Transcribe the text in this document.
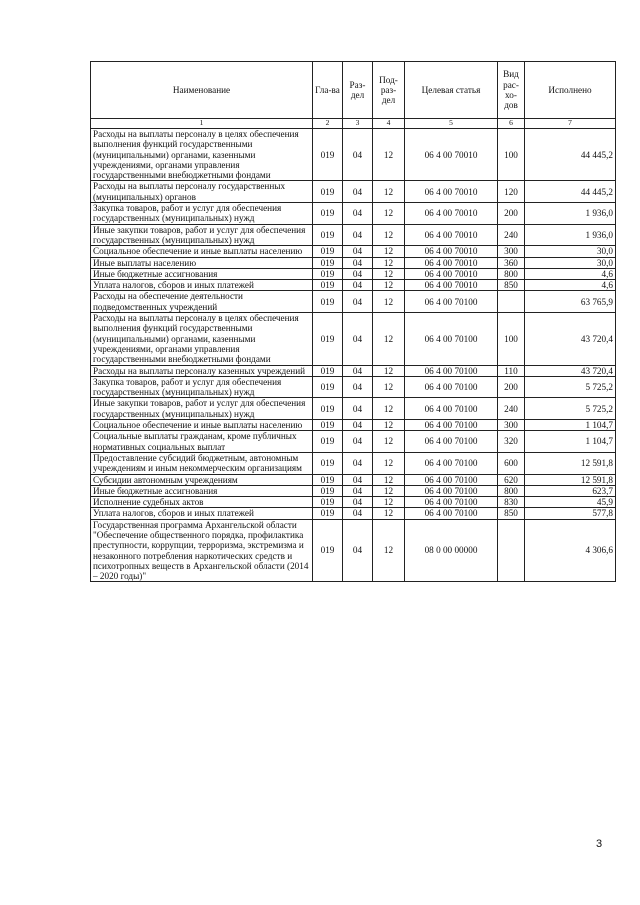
Наименование	Гла-ва	Раз-дел	Под-раз-дел	Целевая статья	Вид рас-хо-дов	Исполнено
1	2	3	4	5	6	7
Расходы на выплаты персоналу в целях обеспечения выполнения функций государственными (муниципальными) органами, казенными учреждениями, органами управления государственными внебюджетными фондами	019	04	12	06 4 00 70010	100	44 445,2
Расходы на выплаты персоналу государственных (муниципальных) органов	019	04	12	06 4 00 70010	120	44 445,2
Закупка товаров, работ и услуг для обеспечения государственных (муниципальных) нужд	019	04	12	06 4 00 70010	200	1 936,0
Иные закупки товаров, работ и услуг для обеспечения государственных (муниципальных) нужд	019	04	12	06 4 00 70010	240	1 936,0
Социальное обеспечение и иные выплаты населению	019	04	12	06 4 00 70010	300	30,0
Иные выплаты населению	019	04	12	06 4 00 70010	360	30,0
Иные бюджетные ассигнования	019	04	12	06 4 00 70010	800	4,6
Уплата налогов, сборов и иных платежей	019	04	12	06 4 00 70010	850	4,6
Расходы на обеспечение деятельности подведомственных учреждений	019	04	12	06 4 00 70100		63 765,9
Расходы на выплаты персоналу в целях обеспечения выполнения функций государственными (муниципальными) органами, казенными учреждениями, органами управления государственными внебюджетными фондами	019	04	12	06 4 00 70100	100	43 720,4
Расходы на выплаты персоналу казенных учреждений	019	04	12	06 4 00 70100	110	43 720,4
Закупка товаров, работ и услуг для обеспечения государственных (муниципальных) нужд	019	04	12	06 4 00 70100	200	5 725,2
Иные закупки товаров, работ и услуг для обеспечения государственных (муниципальных) нужд	019	04	12	06 4 00 70100	240	5 725,2
Социальное обеспечение и иные выплаты населению	019	04	12	06 4 00 70100	300	1 104,7
Социальные выплаты гражданам, кроме публичных нормативных социальных выплат	019	04	12	06 4 00 70100	320	1 104,7
Предоставление субсидий бюджетным, автономным учреждениям и иным некоммерческим организациям	019	04	12	06 4 00 70100	600	12 591,8
Субсидии автономным учреждениям	019	04	12	06 4 00 70100	620	12 591,8
Иные бюджетные ассигнования	019	04	12	06 4 00 70100	800	623,7
Исполнение судебных актов	019	04	12	06 4 00 70100	830	45,9
Уплата налогов, сборов и иных платежей	019	04	12	06 4 00 70100	850	577,8
Государственная программа Архангельской области "Обеспечение общественного порядка, профилактика преступности, коррупции, терроризма, экстремизма и незаконного потребления наркотических средств и психотропных веществ в Архангельской области (2014 – 2020 годы)"	019	04	12	08 0 00 00000		4 306,6
3
